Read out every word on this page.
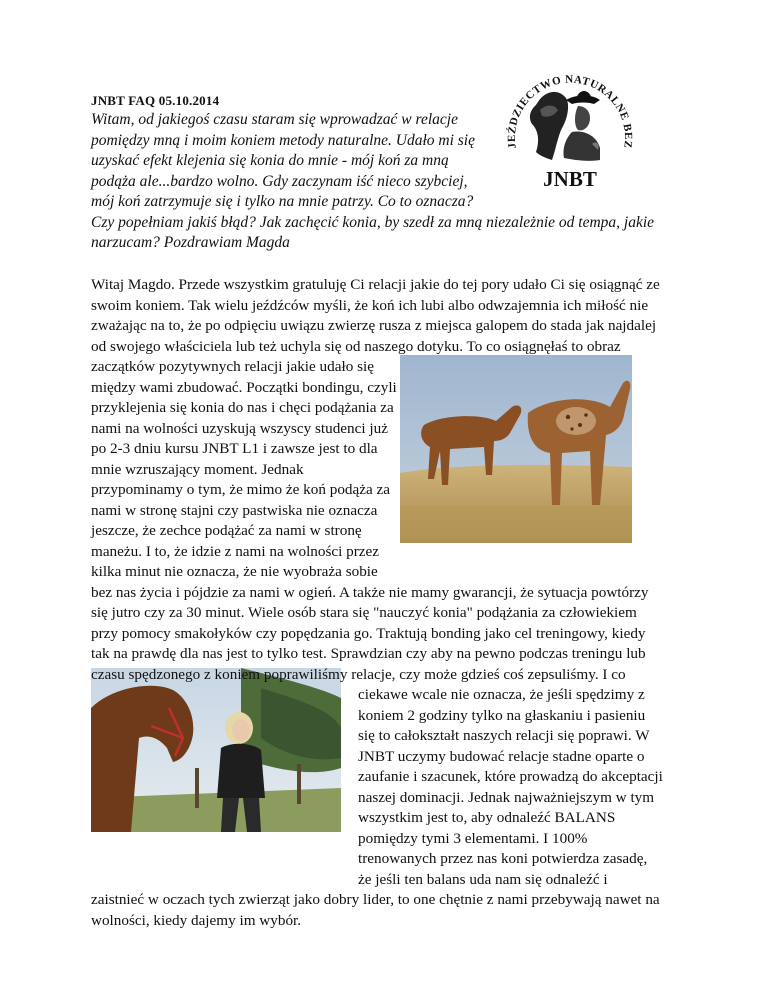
JNBT FAQ 05.10.2014
JEŹDZIECTWO NATURALNE BEZ
JNBT
Witam, od jakiegoś czasu staram się wprowadzać w relacje
pomiędzy mną i moim koniem metody naturalne. Udało mi się
uzyskać efekt klejenia się konia do mnie - mój koń za mną
podąża ale...bardzo wolno. Gdy zaczynam iść nieco szybciej,
mój koń zatrzymuje się i tylko na mnie patrzy. Co to oznacza?
Czy popełniam jakiś błąd? Jak zachęcić konia, by szedł za mną niezależnie od tempa, jakie
narzucam? Pozdrawiam Magda
Witaj Magdo. Przede wszystkim gratuluję Ci relacji jakie do tej pory udało Ci się osiągnąć ze
swoim koniem. Tak wielu jeźdźców myśli, że koń ich lubi albo odwzajemnia ich miłość nie
zważając na to, że po odpięciu uwiązu zwierzę rusza z miejsca galopem do stada jak najdalej
od swojego właściciela lub też uchyla się od naszego dotyku. To co osiągnęłaś to obraz
zaczątków pozytywnych relacji jakie udało się
między wami zbudować. Początki bondingu, czyli
przyklejenia się konia do nas i chęci podążania za
nami na wolności uzyskują wszyscy studenci już
po 2-3 dniu kursu JNBT L1 i zawsze jest to dla
mnie wzruszający moment. Jednak
przypominamy o tym, że mimo że koń podąża za
nami w stronę stajni czy pastwiska nie oznacza
jeszcze, że zechce podążać za nami w stronę
maneżu. I to, że idzie z nami na wolności przez
kilka minut nie oznacza, że nie wyobraża sobie
bez nas życia i pójdzie za nami w ogień. A także nie mamy gwarancji, że sytuacja powtórzy
się jutro czy za 30 minut. Wiele osób stara się "nauczyć konia" podążania za człowiekiem
przy pomocy smakołyków czy popędzania go. Traktują bonding jako cel treningowy, kiedy
tak na prawdę dla nas jest to tylko test. Sprawdzian czy aby na pewno podczas treningu lub
czasu spędzonego z koniem poprawiliśmy relacje, czy może gdzieś coś zepsuliśmy. I co
ciekawe wcale nie oznacza, że jeśli spędzimy z
koniem 2 godziny tylko na głaskaniu i pasieniu
się to całokształt naszych relacji się poprawi. W
JNBT uczymy budować relacje stadne oparte o
zaufanie i szacunek, które prowadzą do akceptacji
naszej dominacji. Jednak najważniejszym w tym
wszystkim jest to, aby odnaleźć BALANS
pomiędzy tymi 3 elementami. I 100%
trenowanych przez nas koni potwierdza zasadę,
że jeśli ten balans uda nam się odnaleźć i
zaistnieć w oczach tych zwierząt jako dobry lider, to one chętnie z nami przebywają nawet na
wolności, kiedy dajemy im wybór.
